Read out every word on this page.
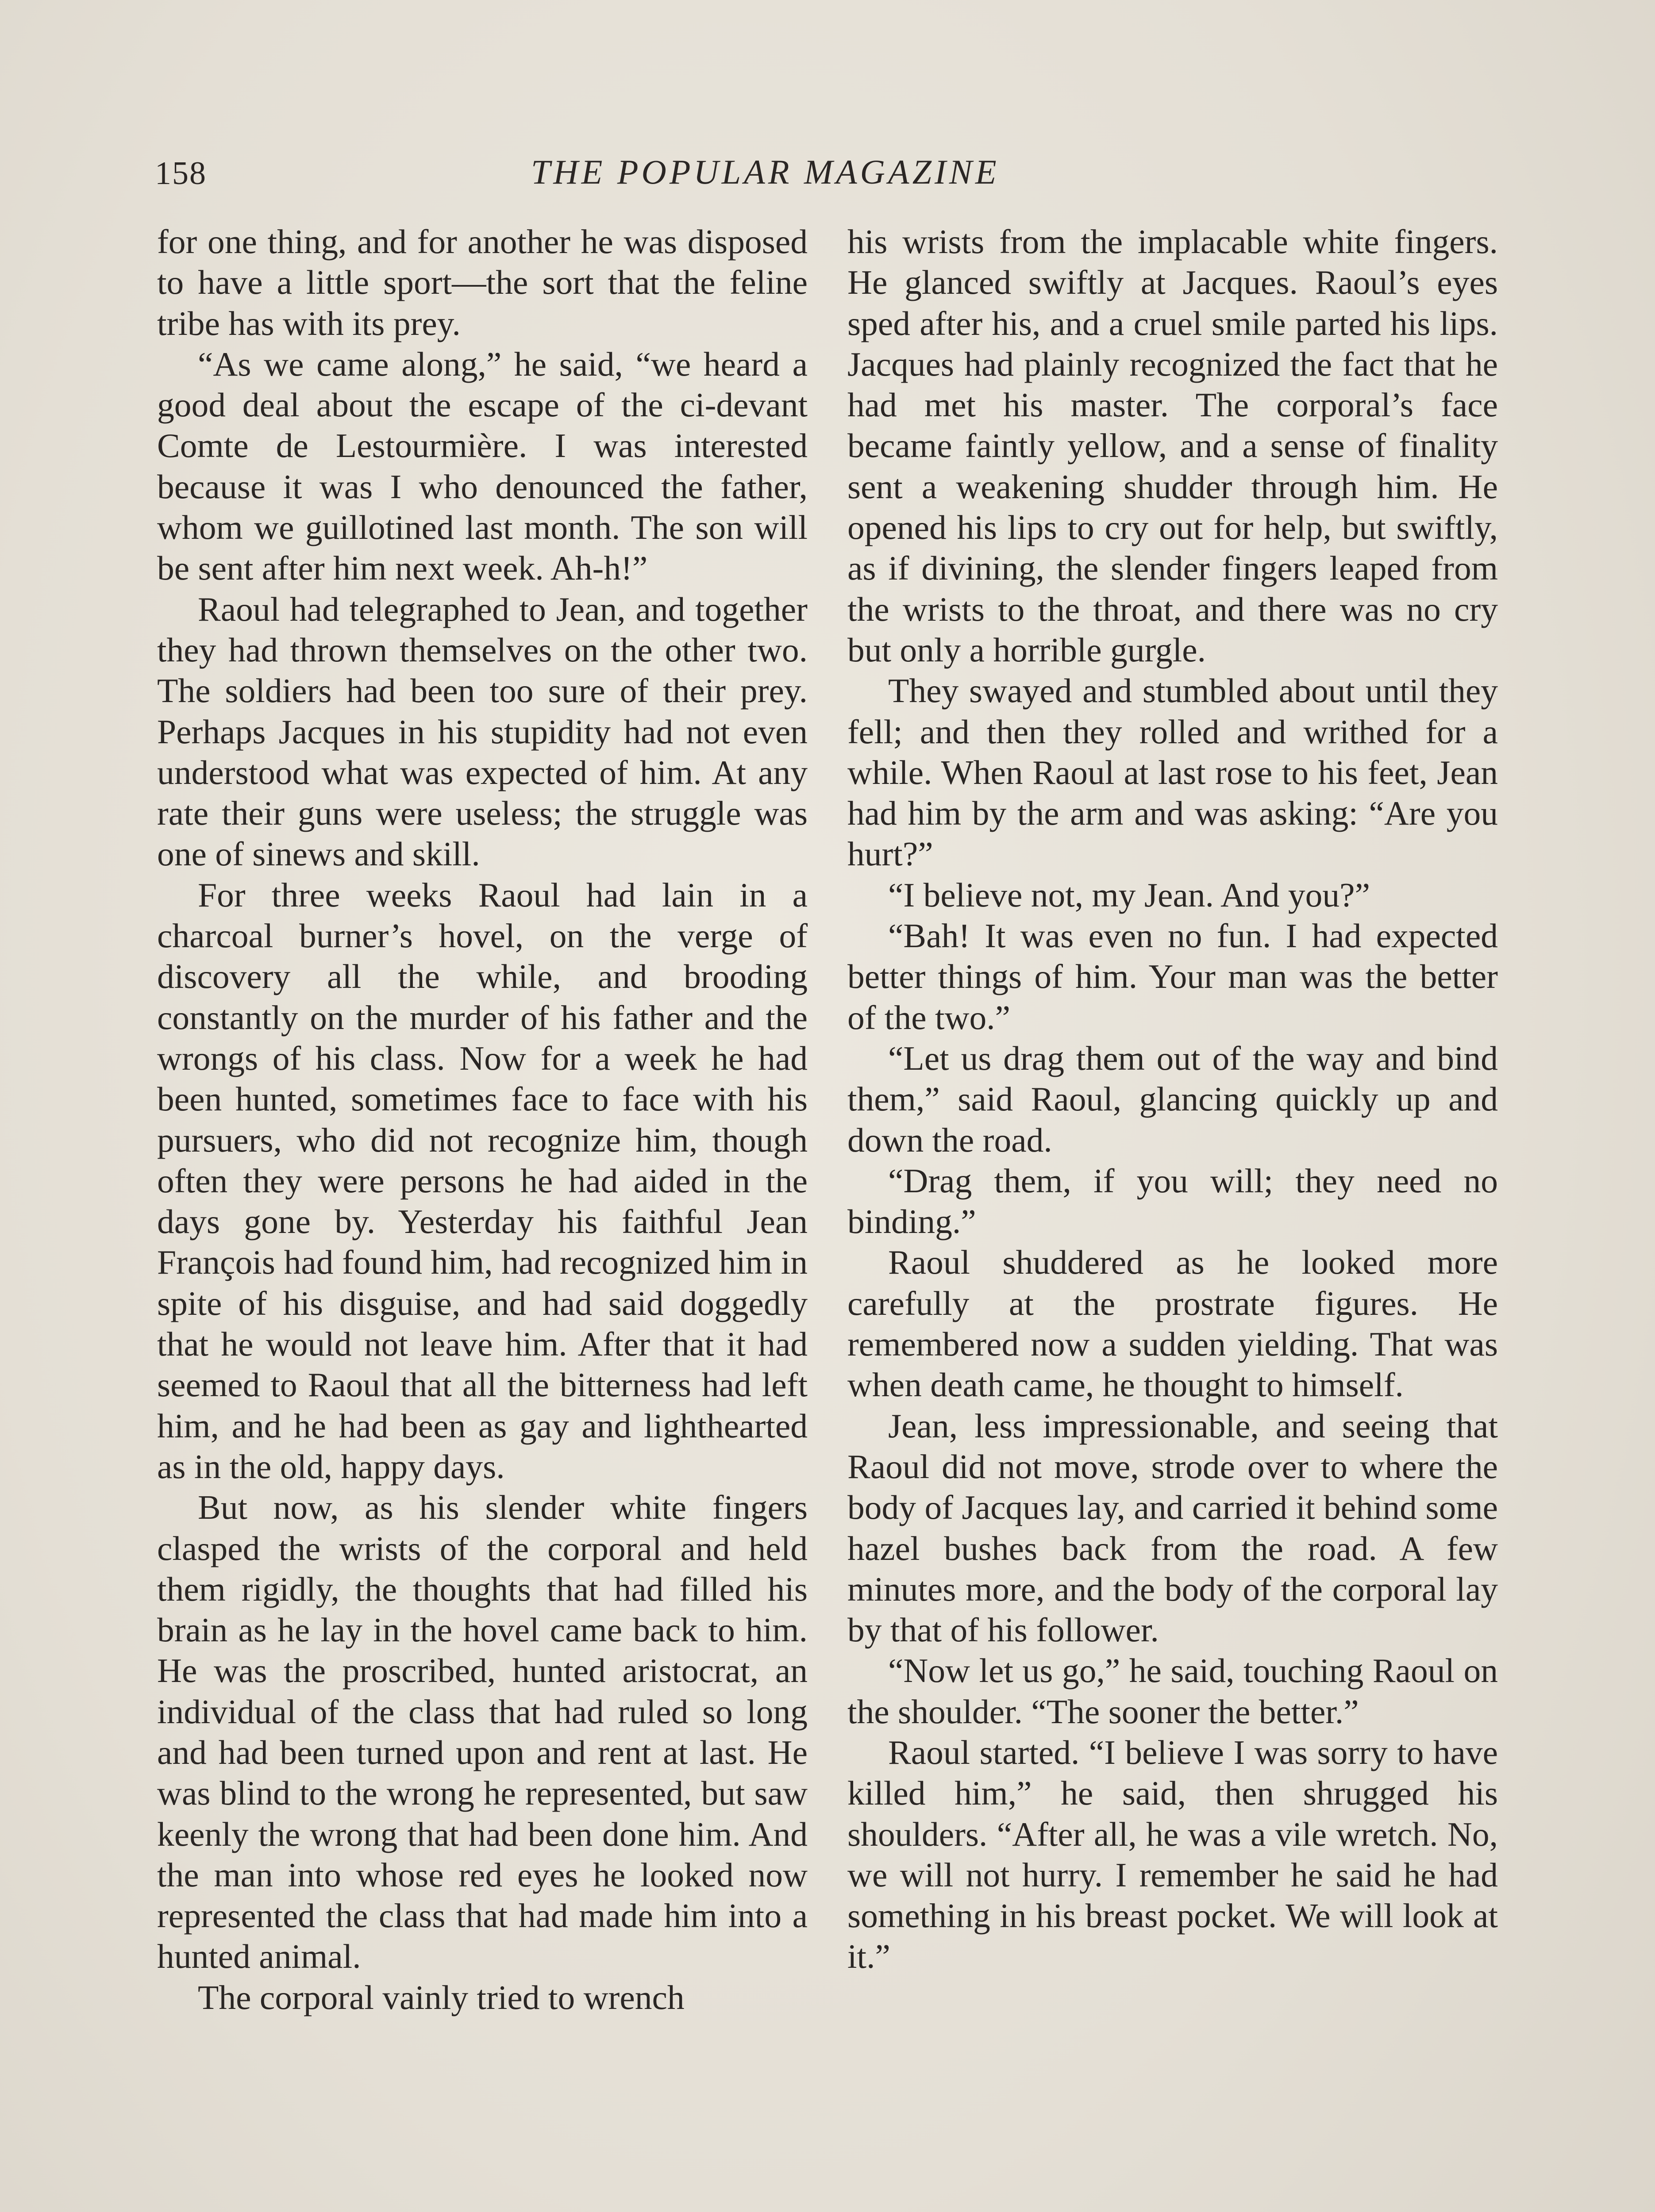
158	THE POPULAR MAGAZINE

for one thing, and for another he was disposed to have a little sport—the sort that the feline tribe has with its prey.

“As we came along,” he said, “we heard a good deal about the escape of the ci-devant Comte de Lestourmière. I was interested because it was I who denounced the father, whom we guillotined last month. The son will be sent after him next week. Ah-h!”

Raoul had telegraphed to Jean, and together they had thrown themselves on the other two. The soldiers had been too sure of their prey. Perhaps Jacques in his stupidity had not even understood what was expected of him. At any rate their guns were useless; the struggle was one of sinews and skill.

For three weeks Raoul had lain in a charcoal burner’s hovel, on the verge of discovery all the while, and brooding constantly on the murder of his father and the wrongs of his class. Now for a week he had been hunted, sometimes face to face with his pursuers, who did not recognize him, though often they were persons he had aided in the days gone by. Yesterday his faithful Jean François had found him, had recognized him in spite of his disguise, and had said doggedly that he would not leave him. After that it had seemed to Raoul that all the bitterness had left him, and he had been as gay and lighthearted as in the old, happy days.

But now, as his slender white fingers clasped the wrists of the corporal and held them rigidly, the thoughts that had filled his brain as he lay in the hovel came back to him. He was the proscribed, hunted aristocrat, an individual of the class that had ruled so long and had been turned upon and rent at last. He was blind to the wrong he represented, but saw keenly the wrong that had been done him. And the man into whose red eyes he looked now represented the class that had made him into a hunted animal.

The corporal vainly tried to wrench

his wrists from the implacable white fingers. He glanced swiftly at Jacques. Raoul’s eyes sped after his, and a cruel smile parted his lips. Jacques had plainly recognized the fact that he had met his master. The corporal’s face became faintly yellow, and a sense of finality sent a weakening shudder through him. He opened his lips to cry out for help, but swiftly, as if divining, the slender fingers leaped from the wrists to the throat, and there was no cry but only a horrible gurgle.

They swayed and stumbled about until they fell; and then they rolled and writhed for a while. When Raoul at last rose to his feet, Jean had him by the arm and was asking: “Are you hurt?”

“I believe not, my Jean. And you?”

“Bah! It was even no fun. I had expected better things of him. Your man was the better of the two.”

“Let us drag them out of the way and bind them,” said Raoul, glancing quickly up and down the road.

“Drag them, if you will; they need no binding.”

Raoul shuddered as he looked more carefully at the prostrate figures. He remembered now a sudden yielding. That was when death came, he thought to himself.

Jean, less impressionable, and seeing that Raoul did not move, strode over to where the body of Jacques lay, and carried it behind some hazel bushes back from the road. A few minutes more, and the body of the corporal lay by that of his follower.

“Now let us go,” he said, touching Raoul on the shoulder. “The sooner the better.”

Raoul started. “I believe I was sorry to have killed him,” he said, then shrugged his shoulders. “After all, he was a vile wretch. No, we will not hurry. I remember he said he had something in his breast pocket. We will look at it.”
